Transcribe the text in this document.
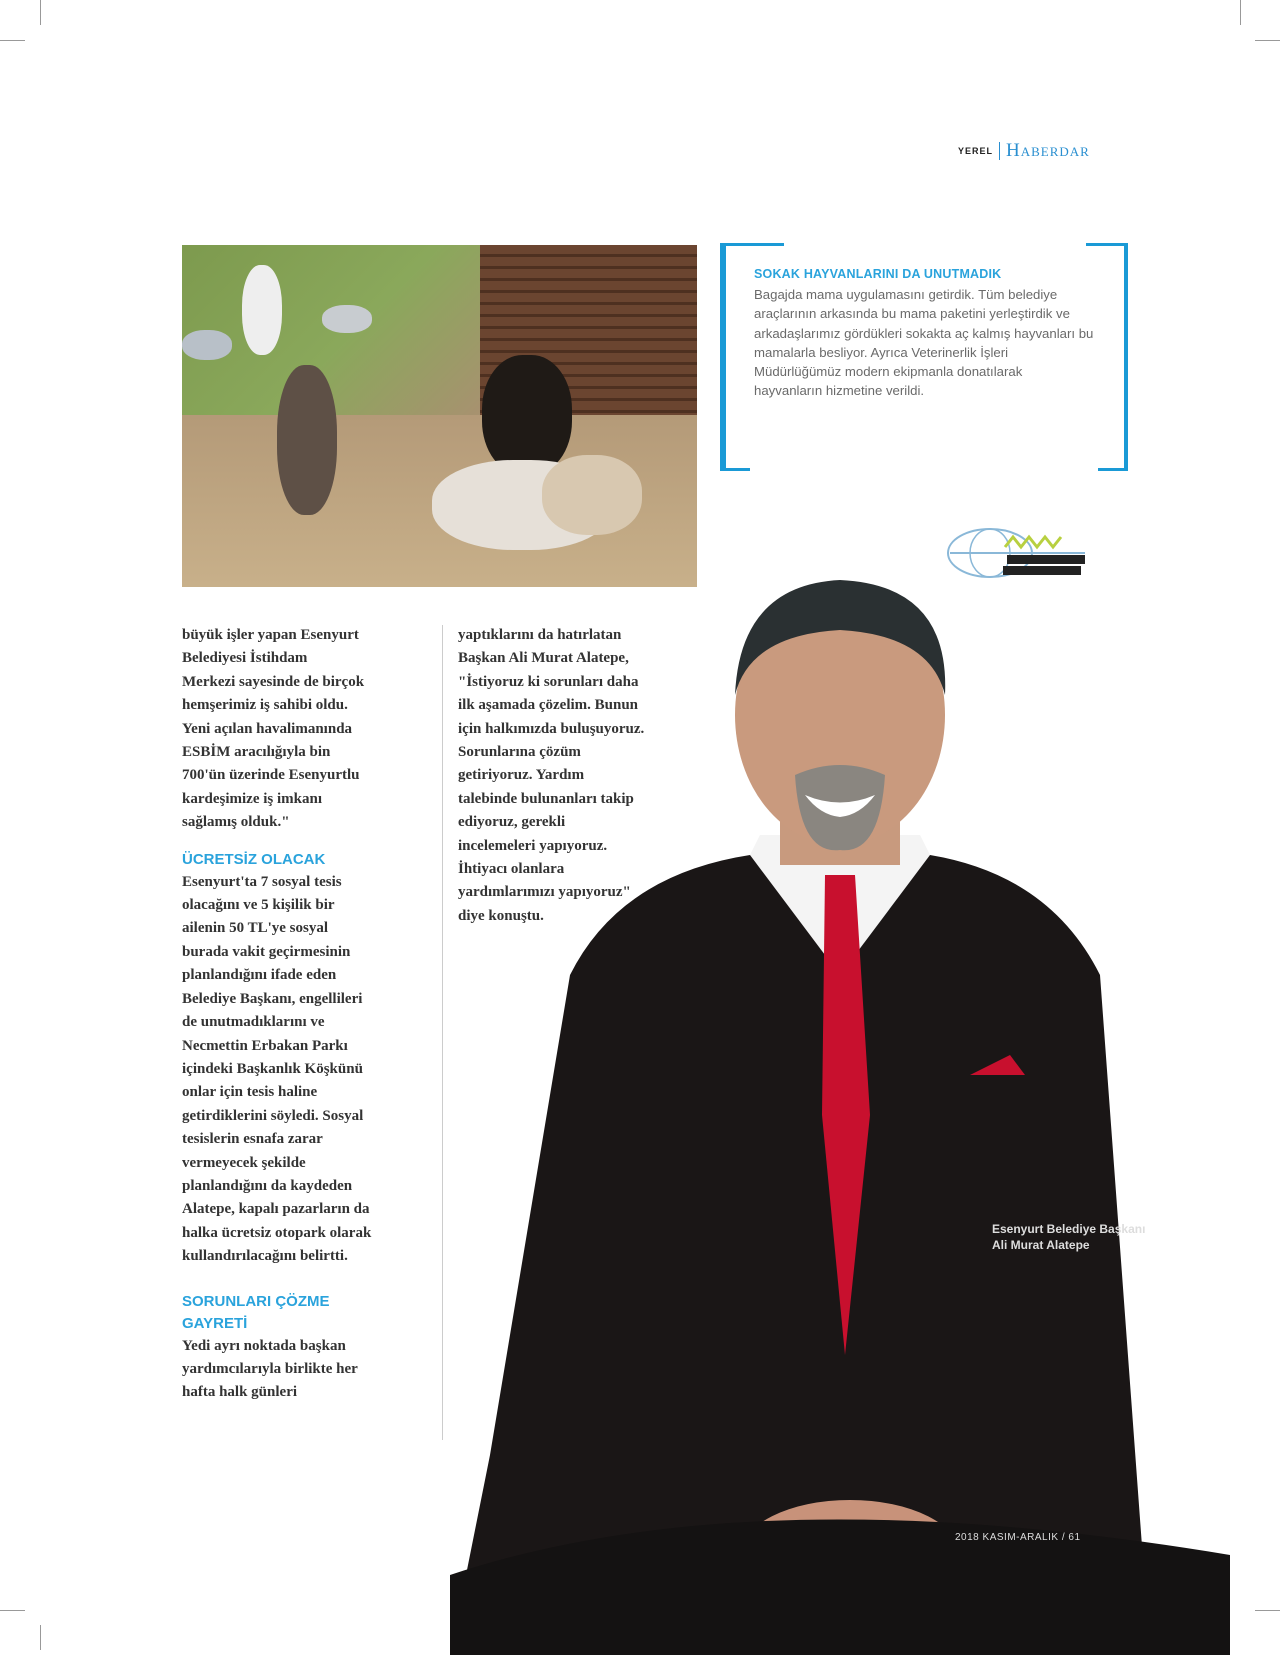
YEREL Haberdar
SOKAK HAYVANLARINI DA UNUTMADIK

Bagajda mama uygulamasını getirdik. Tüm belediye araçlarının arkasında bu mama paketini yerleştirdik ve arkadaşlarımız gördükleri sokakta aç kalmış hayvanları bu mamalarla besliyor. Ayrıca Veterinerlik İşleri Müdürlüğümüz modern ekipmanla donatılarak hayvanların hizmetine verildi.

büyük işler yapan Esenyurt
Belediyesi İstihdam
Merkezi sayesinde de birçok
hemşerimiz iş sahibi oldu.
Yeni açılan havalimanında
ESBİM aracılığıyla bin
700'ün üzerinde Esenyurtlu
kardeşimize iş imkanı
sağlamış olduk."

ÜCRETSİZ OLACAK

Esenyurt'ta 7 sosyal tesis
olacağını ve 5 kişilik bir
ailenin 50 TL'ye sosyal
burada vakit geçirmesinin
planlandığını ifade eden
Belediye Başkanı, engellileri
de unutmadıklarını ve
Necmettin Erbakan Parkı
içindeki Başkanlık Köşkünü
onlar için tesis haline
getirdiklerini söyledi. Sosyal
tesislerin esnafa zarar
vermeyecek şekilde
planlandığını da kaydeden
Alatepe, kapalı pazarların da
halka ücretsiz otopark olarak
kullandırılacağını belirtti.

SORUNLARI ÇÖZME
GAYRETİ

Yedi ayrı noktada başkan
yardımcılarıyla birlikte her
hafta halk günleri

yaptıklarını da hatırlatan
Başkan Ali Murat Alatepe,
"İstiyoruz ki sorunları daha
ilk aşamada çözelim. Bunun
için halkımızda buluşuyoruz.
Sorunlarına çözüm
getiriyoruz. Yardım
talebinde bulunanları takip
ediyoruz, gerekli
incelemeleri yapıyoruz.
İhtiyacı olanlara
yardımlarımızı yapıyoruz"
diye konuştu.

Esenyurt Belediye Başkanı
Ali Murat Alatepe
2018 KASIM-ARALIK / 61
